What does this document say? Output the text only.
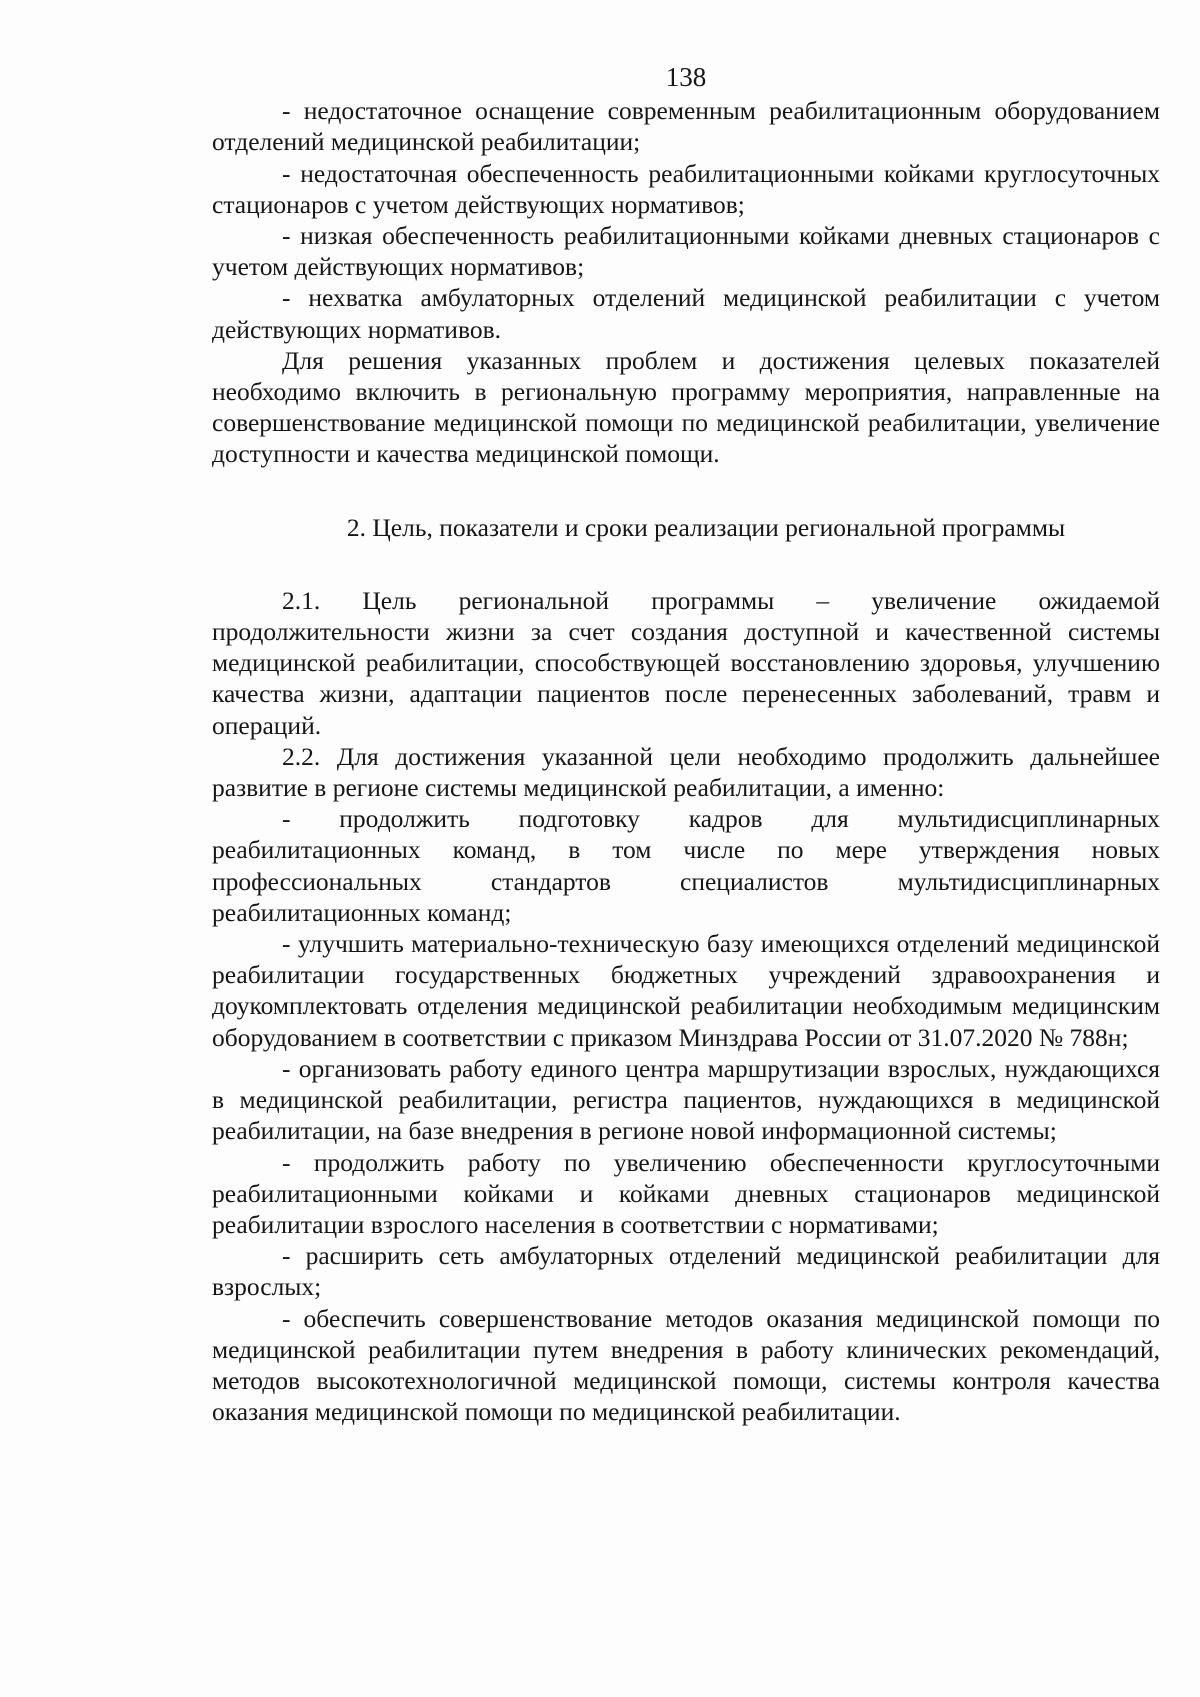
138

- недостаточное оснащение современным реабилитационным оборудованием отделений медицинской реабилитации;

- недостаточная обеспеченность реабилитационными койками круглосуточных стационаров с учетом действующих нормативов;

- низкая обеспеченность реабилитационными койками дневных стационаров с учетом действующих нормативов;

- нехватка амбулаторных отделений медицинской реабилитации с учетом действующих нормативов.

Для решения указанных проблем и достижения целевых показателей необходимо включить в региональную программу мероприятия, направленные на совершенствование медицинской помощи по медицинской реабилитации, увеличение доступности и качества медицинской помощи.

2. Цель, показатели и сроки реализации региональной программы

2.1. Цель региональной программы – увеличение ожидаемой продолжительности жизни за счет создания доступной и качественной системы медицинской реабилитации, способствующей восстановлению здоровья, улучшению качества жизни, адаптации пациентов после перенесенных заболеваний, травм и операций.

2.2. Для достижения указанной цели необходимо продолжить дальнейшее развитие в регионе системы медицинской реабилитации, а именно:

- продолжить подготовку кадров для мультидисциплинарных реабилитационных команд, в том числе по мере утверждения новых профессиональных стандартов специалистов мультидисциплинарных реабилитационных команд;

- улучшить материально-техническую базу имеющихся отделений медицинской реабилитации государственных бюджетных учреждений здравоохранения и доукомплектовать отделения медицинской реабилитации необходимым медицинским оборудованием в соответствии с приказом Минздрава России от 31.07.2020 № 788н;

- организовать работу единого центра маршрутизации взрослых, нуждающихся в медицинской реабилитации, регистра пациентов, нуждающихся в медицинской реабилитации, на базе внедрения в регионе новой информационной системы;

- продолжить работу по увеличению обеспеченности круглосуточными реабилитационными койками и койками дневных стационаров медицинской реабилитации взрослого населения в соответствии с нормативами;

- расширить сеть амбулаторных отделений медицинской реабилитации для взрослых;

- обеспечить совершенствование методов оказания медицинской помощи по медицинской реабилитации путем внедрения в работу клинических рекомендаций, методов высокотехнологичной медицинской помощи, системы контроля качества оказания медицинской помощи по медицинской реабилитации.
